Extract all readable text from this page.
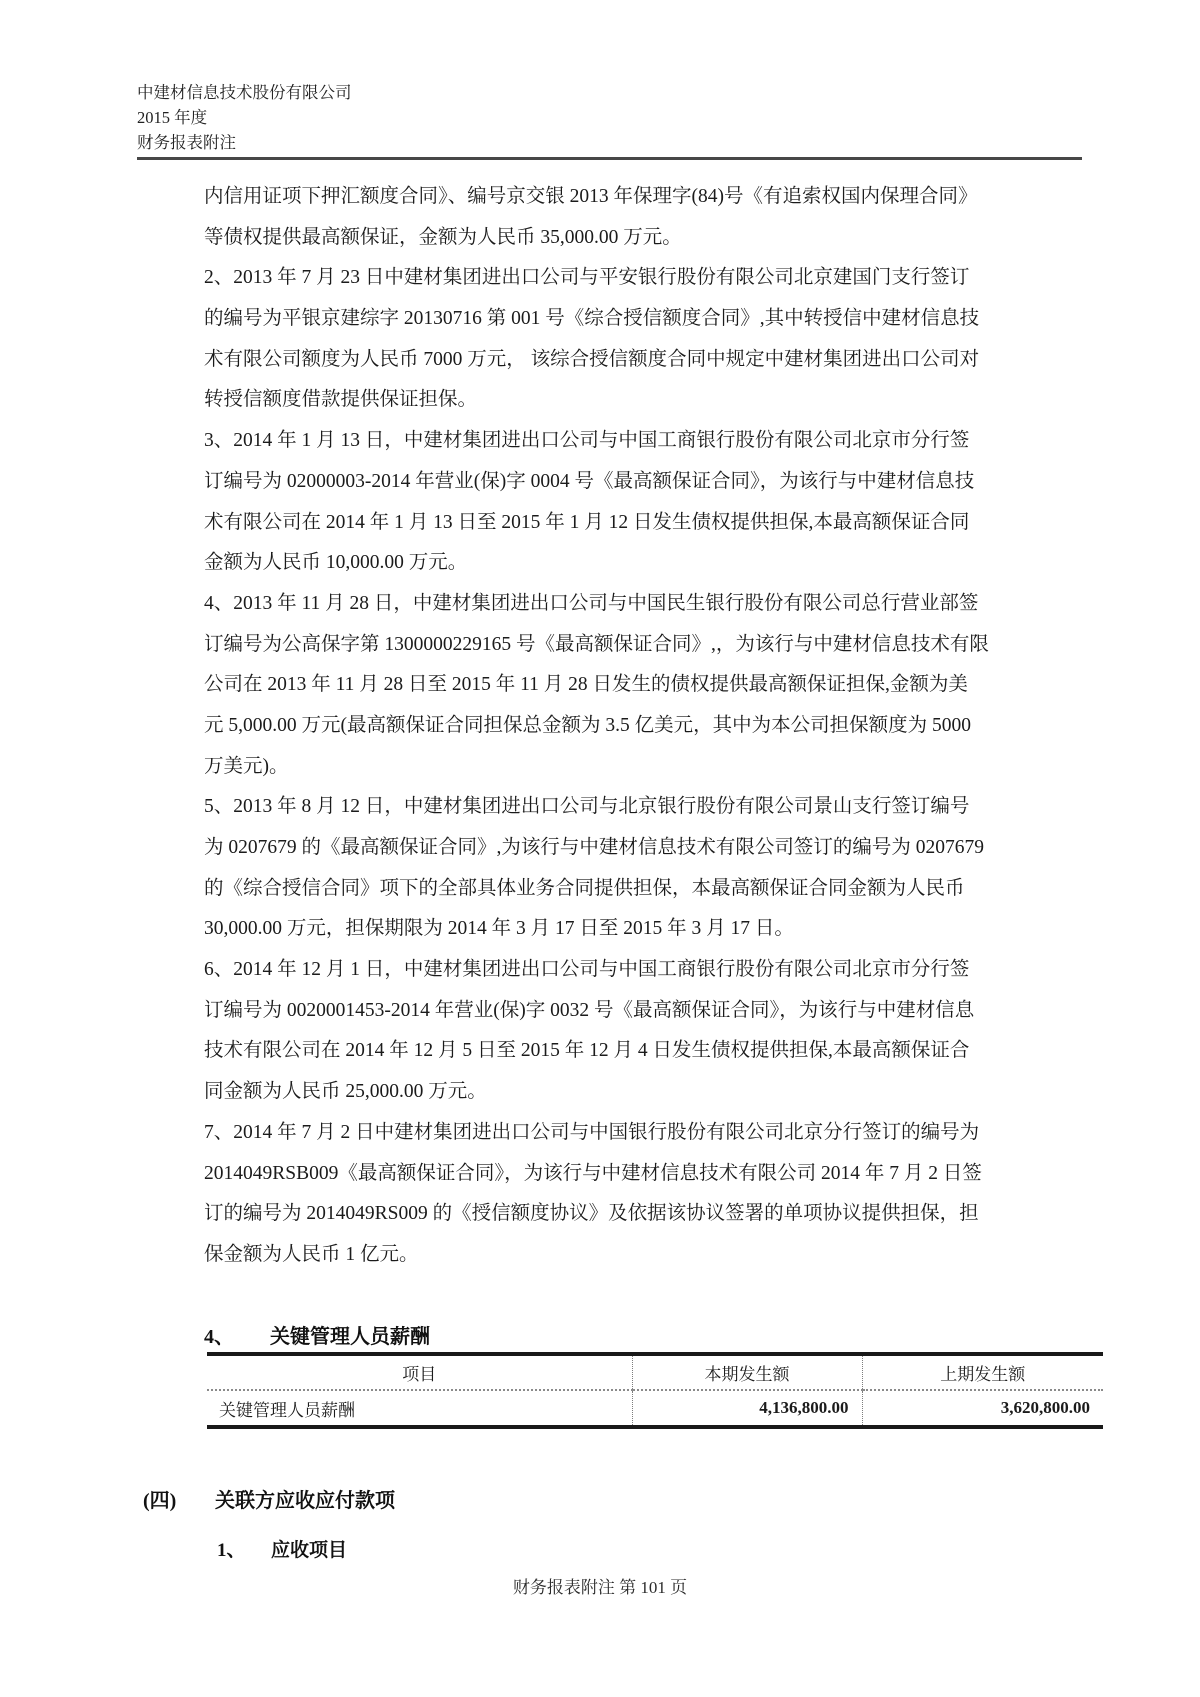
中建材信息技术股份有限公司
2015 年度
财务报表附注
内信用证项下押汇额度合同》、编号京交银 2013 年保理字(84)号《有追索权国内保理合同》
等债权提供最高额保证，金额为人民币 35,000.00 万元。
2、2013 年 7 月 23 日中建材集团进出口公司与平安银行股份有限公司北京建国门支行签订
的编号为平银京建综字 20130716 第 001 号《综合授信额度合同》,其中转授信中建材信息技
术有限公司额度为人民币 7000 万元， 该综合授信额度合同中规定中建材集团进出口公司对
转授信额度借款提供保证担保。
3、2014 年 1 月 13 日，中建材集团进出口公司与中国工商银行股份有限公司北京市分行签
订编号为 02000003-2014 年营业(保)字 0004 号《最高额保证合同》，为该行与中建材信息技
术有限公司在 2014 年 1 月 13 日至 2015 年 1 月 12 日发生债权提供担保,本最高额保证合同
金额为人民币 10,000.00 万元。
4、2013 年 11 月 28 日，中建材集团进出口公司与中国民生银行股份有限公司总行营业部签
订编号为公高保字第 1300000229165 号《最高额保证合同》,，为该行与中建材信息技术有限
公司在 2013 年 11 月 28 日至 2015 年 11 月 28 日发生的债权提供最高额保证担保,金额为美
元 5,000.00 万元(最高额保证合同担保总金额为 3.5 亿美元，其中为本公司担保额度为 5000
万美元)。
5、2013 年 8 月 12 日，中建材集团进出口公司与北京银行股份有限公司景山支行签订编号
为 0207679 的《最高额保证合同》,为该行与中建材信息技术有限公司签订的编号为 0207679
的《综合授信合同》项下的全部具体业务合同提供担保，本最高额保证合同金额为人民币
30,000.00 万元，担保期限为 2014 年 3 月 17 日至 2015 年 3 月 17 日。
6、2014 年 12 月 1 日，中建材集团进出口公司与中国工商银行股份有限公司北京市分行签
订编号为 0020001453-2014 年营业(保)字 0032 号《最高额保证合同》，为该行与中建材信息
技术有限公司在 2014 年 12 月 5 日至 2015 年 12 月 4 日发生债权提供担保,本最高额保证合
同金额为人民币 25,000.00 万元。
7、2014 年 7 月 2 日中建材集团进出口公司与中国银行股份有限公司北京分行签订的编号为
2014049RSB009《最高额保证合同》，为该行与中建材信息技术有限公司 2014 年 7 月 2 日签
订的编号为 2014049RS009 的《授信额度协议》及依据该协议签署的单项协议提供担保，担
保金额为人民币 1 亿元。
4、 关键管理人员薪酬
项目	本期发生额	上期发生额
关键管理人员薪酬	4,136,800.00	3,620,800.00
(四) 关联方应收应付款项
1、 应收项目
财务报表附注 第 101 页
